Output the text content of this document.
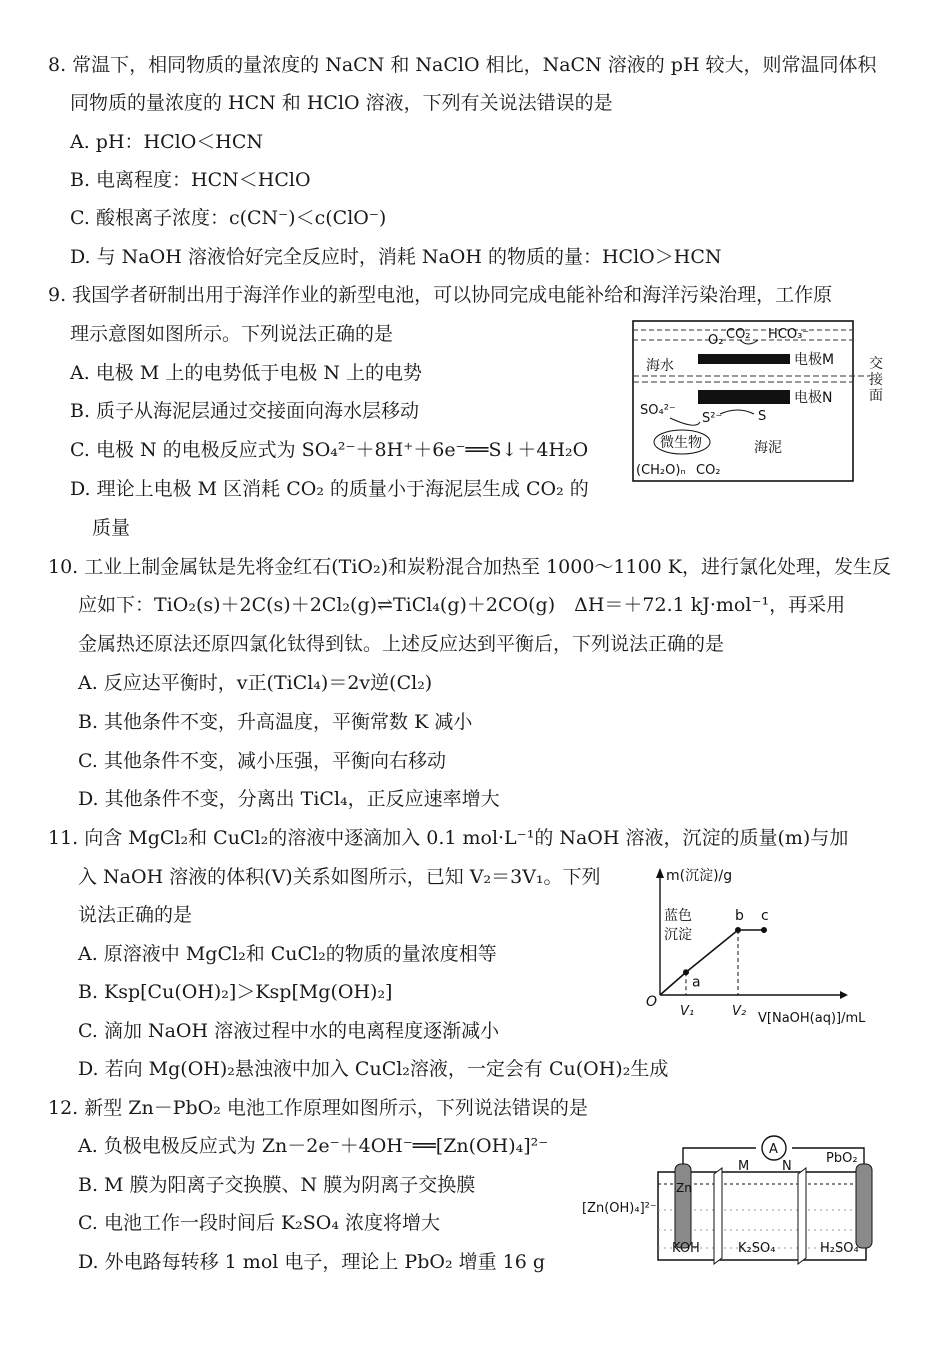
8. 常温下，相同物质的量浓度的 NaCN 和 NaClO 相比，NaCN 溶液的 pH 较大，则常温同体积
同物质的量浓度的 HCN 和 HClO 溶液，下列有关说法错误的是
A. pH：HClO＜HCN
B. 电离程度：HCN＜HClO
C. 酸根离子浓度：c(CN⁻)＜c(ClO⁻)
D. 与 NaOH 溶液恰好完全反应时，消耗 NaOH 的物质的量：HClO＞HCN
9. 我国学者研制出用于海洋作业的新型电池，可以协同完成电能补给和海洋污染治理，工作原
理示意图如图所示。下列说法正确的是
A. 电极 M 上的电势低于电极 N 上的电势
B. 质子从海泥层通过交接面向海水层移动
C. 电极 N 的电极反应式为 SO₄²⁻＋8H⁺＋6e⁻══S↓＋4H₂O
D. 理论上电极 M 区消耗 CO₂ 的质量小于海泥层生成 CO₂ 的
质量
O₂ CO₂ HCO₃⁻
海水	电极M 交
接
面
电极N
SO₄²⁻
S²⁻	S
微生物	海泥
(CH₂O)ₙ CO₂
10. 工业上制金属钛是先将金红石(TiO₂)和炭粉混合加热至 1000～1100 K，进行氯化处理，发生反
应如下：TiO₂(s)＋2C(s)＋2Cl₂(g)⇌TiCl₄(g)＋2CO(g)　ΔH＝＋72.1 kJ·mol⁻¹，再采用
金属热还原法还原四氯化钛得到钛。上述反应达到平衡后，下列说法正确的是
A. 反应达平衡时，v正(TiCl₄)＝2v逆(Cl₂)
B. 其他条件不变，升高温度，平衡常数 K 减小
C. 其他条件不变，减小压强，平衡向右移动
D. 其他条件不变，分离出 TiCl₄，正反应速率增大
11. 向含 MgCl₂和 CuCl₂的溶液中逐滴加入 0.1 mol·L⁻¹的 NaOH 溶液，沉淀的质量(m)与加
入 NaOH 溶液的体积(V)关系如图所示，已知 V₂＝3V₁。下列
说法正确的是
A. 原溶液中 MgCl₂和 CuCl₂的物质的量浓度相等
B. Ksp[Cu(OH)₂]＞Ksp[Mg(OH)₂]
C. 滴加 NaOH 溶液过程中水的电离程度逐渐减小
D. 若向 Mg(OH)₂悬浊液中加入 CuCl₂溶液，一定会有 Cu(OH)₂生成
m(沉淀)/g
V[NaOH(aq)]/mL
O
蓝色
沉淀
V₁	V₂
a
b c
12. 新型 Zn－PbO₂ 电池工作原理如图所示，下列说法错误的是
A. 负极电极反应式为 Zn－2e⁻＋4OH⁻══[Zn(OH)₄]²⁻
B. M 膜为阳离子交换膜、N 膜为阴离子交换膜
C. 电池工作一段时间后 K₂SO₄ 浓度将增大
D. 外电路每转移 1 mol 电子，理论上 PbO₂ 增重 16 g
A
M	N
PbO₂
Zn
[Zn(OH)₄]²⁻
KOH	K₂SO₄	H₂SO₄
